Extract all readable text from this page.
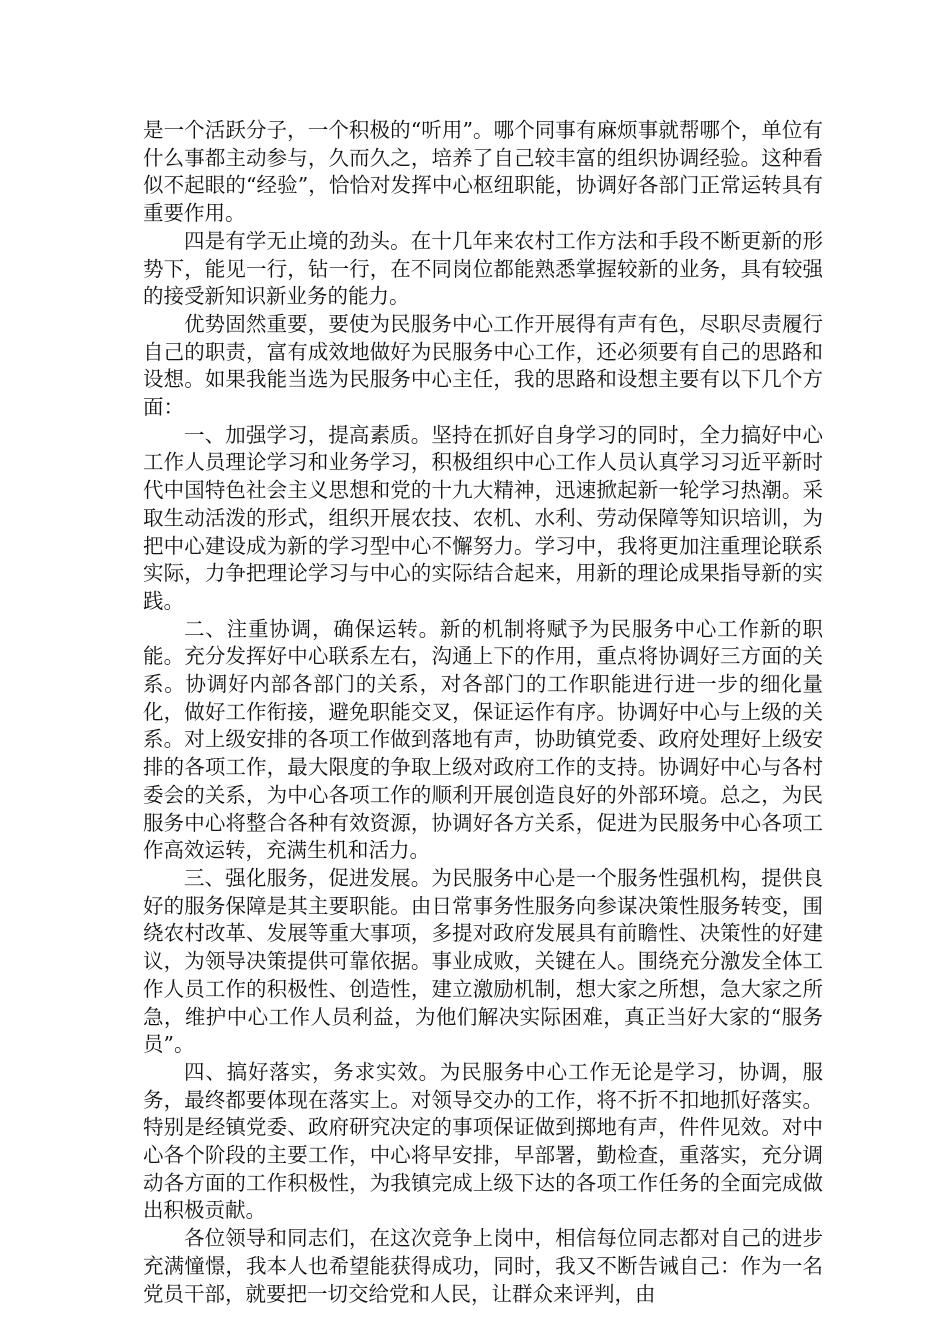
是一个活跃分子，一个积极的“听用”。哪个同事有麻烦事就帮哪个，单位有什么事都主动参与，久而久之，培养了自己较丰富的组织协调经验。这种看似不起眼的“经验”，恰恰对发挥中心枢纽职能，协调好各部门正常运转具有重要作用。

四是有学无止境的劲头。在十几年来农村工作方法和手段不断更新的形势下，能见一行，钻一行，在不同岗位都能熟悉掌握较新的业务，具有较强的接受新知识新业务的能力。

优势固然重要，要使为民服务中心工作开展得有声有色，尽职尽责履行自己的职责，富有成效地做好为民服务中心工作，还必须要有自己的思路和设想。如果我能当选为民服务中心主任，我的思路和设想主要有以下几个方面：

一、加强学习，提高素质。坚持在抓好自身学习的同时，全力搞好中心工作人员理论学习和业务学习，积极组织中心工作人员认真学习习近平新时代中国特色社会主义思想和党的十九大精神，迅速掀起新一轮学习热潮。采取生动活泼的形式，组织开展农技、农机、水利、劳动保障等知识培训，为把中心建设成为新的学习型中心不懈努力。学习中，我将更加注重理论联系实际，力争把理论学习与中心的实际结合起来，用新的理论成果指导新的实践。

二、注重协调，确保运转。新的机制将赋予为民服务中心工作新的职能。充分发挥好中心联系左右，沟通上下的作用，重点将协调好三方面的关系。协调好内部各部门的关系，对各部门的工作职能进行进一步的细化量化，做好工作衔接，避免职能交叉，保证运作有序。协调好中心与上级的关系。对上级安排的各项工作做到落地有声，协助镇党委、政府处理好上级安排的各项工作，最大限度的争取上级对政府工作的支持。协调好中心与各村委会的关系，为中心各项工作的顺利开展创造良好的外部环境。总之，为民服务中心将整合各种有效资源，协调好各方关系，促进为民服务中心各项工作高效运转，充满生机和活力。

三、强化服务，促进发展。为民服务中心是一个服务性强机构，提供良好的服务保障是其主要职能。由日常事务性服务向参谋决策性服务转变，围绕农村改革、发展等重大事项，多提对政府发展具有前瞻性、决策性的好建议，为领导决策提供可靠依据。事业成败，关键在人。围绕充分激发全体工作人员工作的积极性、创造性，建立激励机制，想大家之所想，急大家之所急，维护中心工作人员利益，为他们解决实际困难，真正当好大家的“服务员”。

四、搞好落实，务求实效。为民服务中心工作无论是学习，协调，服务，最终都要体现在落实上。对领导交办的工作，将不折不扣地抓好落实。特别是经镇党委、政府研究决定的事项保证做到掷地有声，件件见效。对中心各个阶段的主要工作，中心将早安排，早部署，勤检查，重落实，充分调动各方面的工作积极性，为我镇完成上级下达的各项工作任务的全面完成做出积极贡献。

各位领导和同志们，在这次竞争上岗中，相信每位同志都对自己的进步充满憧憬，我本人也希望能获得成功，同时，我又不断告诫自己：作为一名党员干部，就要把一切交给党和人民，让群众来评判，由
